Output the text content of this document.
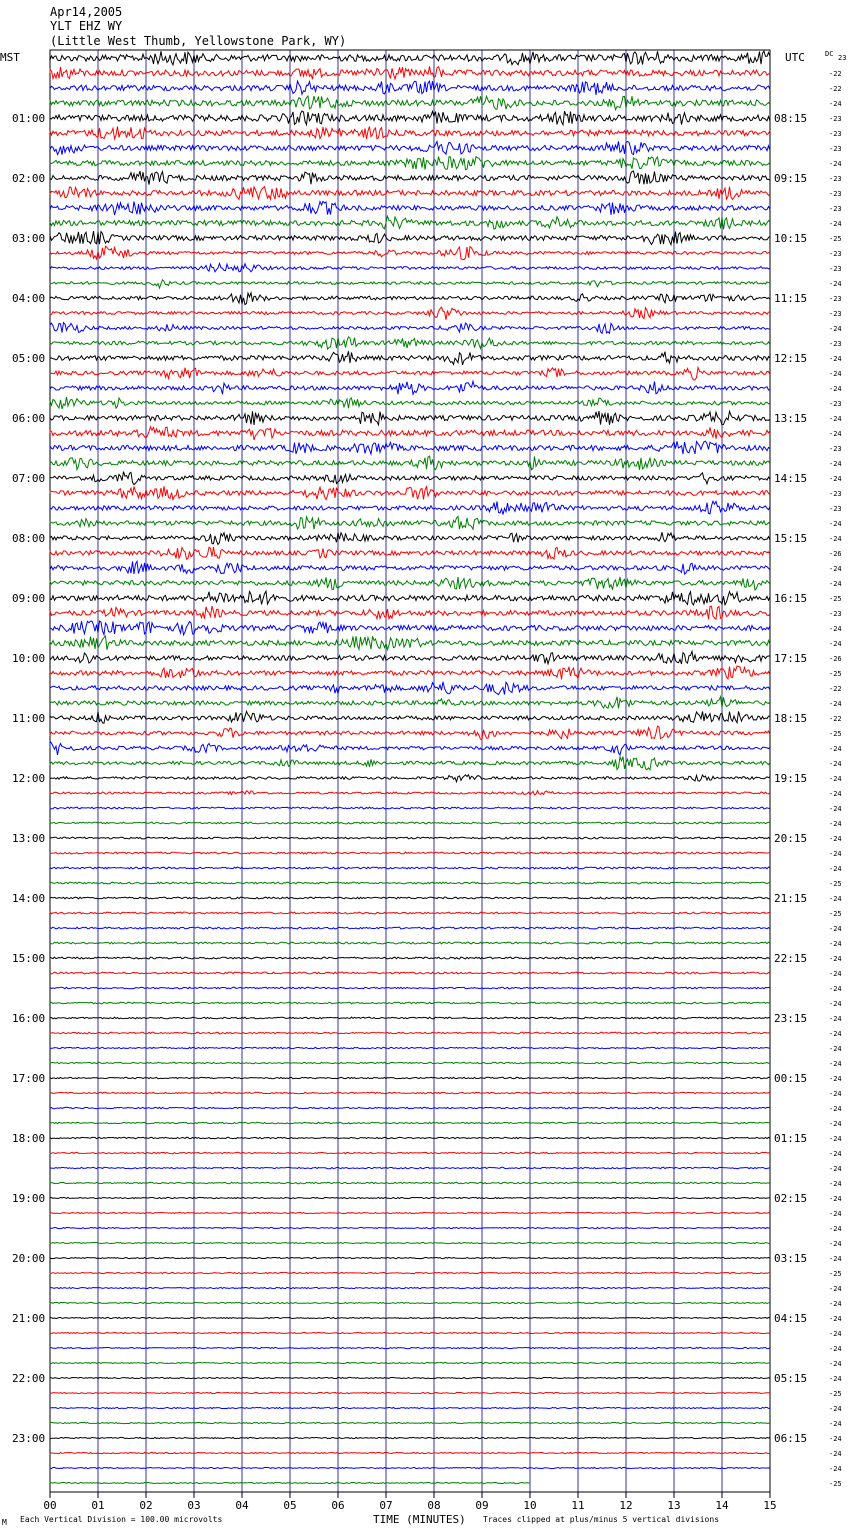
Apr14,2005
YLT EHZ WY
(Little West Thumb, Yellowstone Park, WY)
MST	UTC	DC 23
01:00
02:00
03:00
04:00
05:00
06:00
07:00
08:00
09:00
10:00
11:00
12:00
13:00
14:00
15:00
16:00
17:00
18:00
19:00
20:00
21:00
22:00
23:00
08:15
09:15
10:15
11:15
12:15
13:15
14:15
15:15
16:15
17:15
18:15
19:15
20:15
21:15
22:15
23:15
00:15
01:15
02:15
03:15
04:15
05:15
06:15
-22
-22
-24
-23
-23
-23
-24
-23
-23
-23
-24
-25
-23
-23
-24
-23
-23
-24
-23
-24
-24
-24
-23
-24
-24
-23
-24
-24
-23
-23
-24
-24
-26
-24
-24
-25
-23
-24
-24
-26
-25
-22
-24
-22
-25
-24
-24
-24
-24
-24
-24
-24
-24
-24
-25
-24
-25
-24
-24
-24
-24
-24
-24
-24
-24
-24
-24
-24
-24
-24
-24
-24
-24
-24
-24
-24
-24
-24
-24
-24
-25
-24
-24
-24
-24
-24
-24
-24
-25
-24
-24
-24
-24
-24
-25
00	01	02	03	04	05	06	07	08	09	10	11	12	13	14	15
TIME (MINUTES)
M Each Vertical Division = 100.00 microvolts	Traces clipped at plus/minus 5 vertical divisions
